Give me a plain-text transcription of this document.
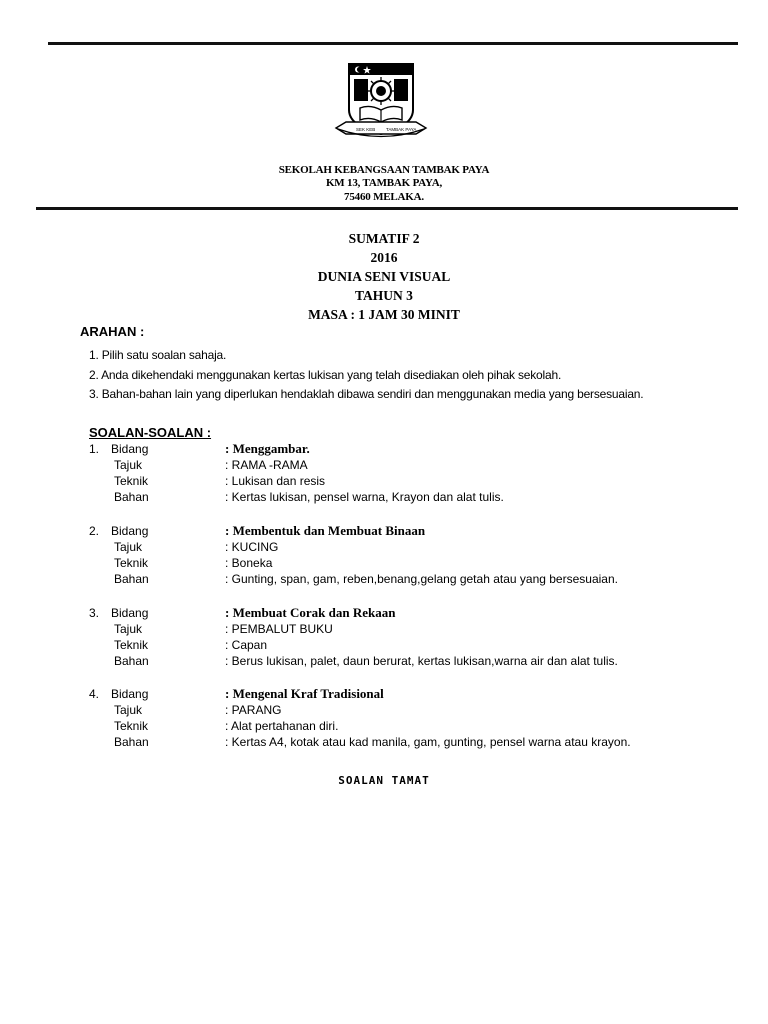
SEK KEB TAMBAK PAYA
SEKOLAH KEBANGSAAN TAMBAK PAYA
KM 13, TAMBAK PAYA,
75460 MELAKA.
SUMATIF 2
2016
DUNIA SENI VISUAL
TAHUN 3
MASA : 1 JAM 30 MINIT
ARAHAN :
1. Pilih satu soalan sahaja.
2. Anda dikehendaki menggunakan kertas lukisan yang telah disediakan oleh pihak sekolah.
3. Bahan-bahan lain yang diperlukan hendaklah dibawa sendiri dan menggunakan media yang bersesuaian.
SOALAN-SOALAN :
1. Bidang	: Menggambar.
Tajuk	: RAMA -RAMA
Teknik	: Lukisan dan resis
Bahan	: Kertas lukisan, pensel warna, Krayon dan alat tulis.
2. Bidang	: Membentuk dan Membuat Binaan
Tajuk	: KUCING
Teknik	: Boneka
Bahan	: Gunting, span, gam, reben,benang,gelang getah atau yang bersesuaian.
3. Bidang	: Membuat Corak dan Rekaan
Tajuk	: PEMBALUT BUKU
Teknik	: Capan
Bahan	: Berus lukisan, palet, daun berurat, kertas lukisan,warna air dan alat tulis.
4. Bidang	: Mengenal Kraf Tradisional
Tajuk	: PARANG
Teknik	: Alat pertahanan diri.
Bahan	: Kertas A4, kotak atau kad manila, gam, gunting, pensel warna atau krayon.
SOALAN TAMAT
